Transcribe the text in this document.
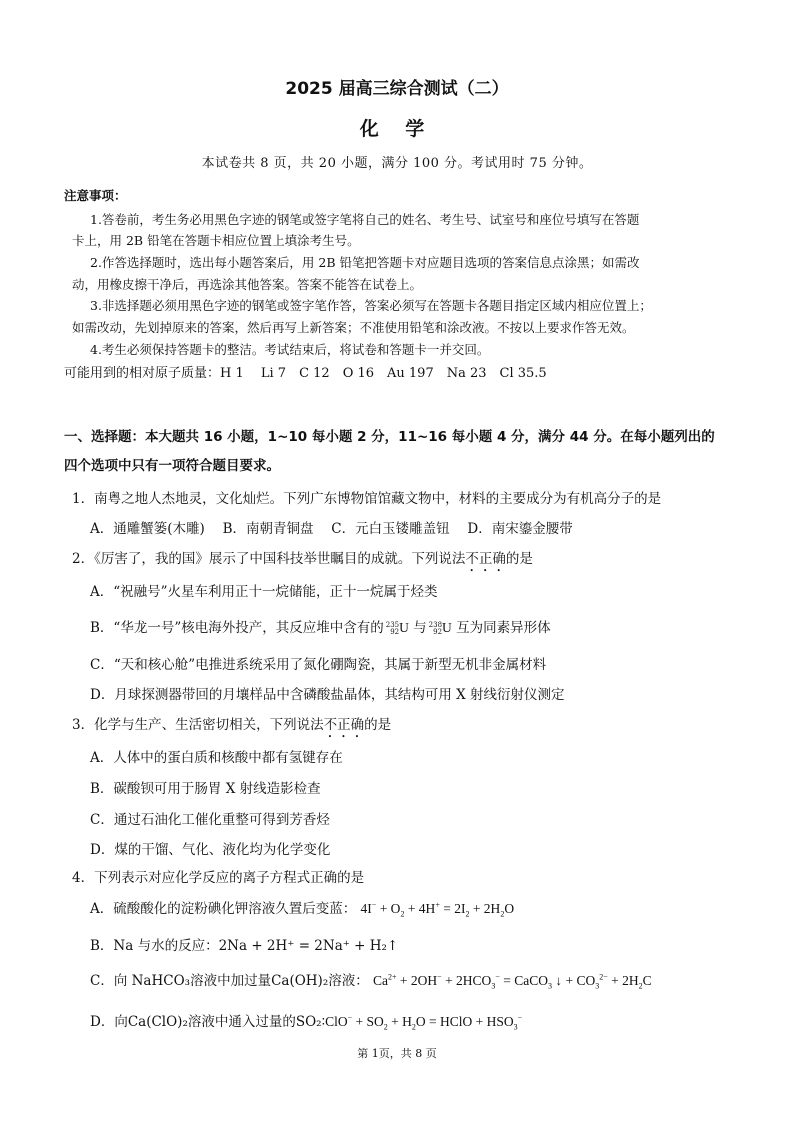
2025 届高三综合测试（二）
化 学
本试卷共 8 页，共 20 小题，满分 100 分。考试用时 75 分钟。
注意事项：
1.答卷前，考生务必用黑色字迹的钢笔或签字笔将自己的姓名、考生号、试室号和座位号填写在答题
卡上，用 2B 铅笔在答题卡相应位置上填涂考生号。
2.作答选择题时，选出每小题答案后，用 2B 铅笔把答题卡对应题目选项的答案信息点涂黑；如需改
动，用橡皮擦干净后，再选涂其他答案。答案不能答在试卷上。
3.非选择题必须用黑色字迹的钢笔或签字笔作答，答案必须写在答题卡各题目指定区域内相应位置上；
如需改动，先划掉原来的答案，然后再写上新答案；不准使用铅笔和涂改液。不按以上要求作答无效。
4.考生必须保持答题卡的整洁。考试结束后，将试卷和答题卡一并交回。
可能用到的相对原子质量：H 1　 Li 7　C 12　O 16　Au 197　Na 23　Cl 35.5
一、选择题：本大题共 16 小题，1~10 每小题 2 分，11~16 每小题 4 分，满分 44 分。在每小题列出的
四个选项中只有一项符合题目要求。
1．南粤之地人杰地灵，文化灿烂。下列广东博物馆馆藏文物中，材料的主要成分为有机高分子的是
A．通雕蟹篓(木雕)　 B．南朝青铜盘　 C．元白玉镂雕盖钮　 D．南宋鎏金腰带
2．《厉害了，我的国》展示了中国科技举世瞩目的成就。下列说法不正确的是
A．“祝融号”火星车利用正十一烷储能，正十一烷属于烃类
B．“华龙一号”核电海外投产，其反应堆中含有的 235
92 U 与 238
92 U 互为同素异形体
C．“天和核心舱”电推进系统采用了氮化硼陶瓷，其属于新型无机非金属材料
D．月球探测器带回的月壤样品中含磷酸盐晶体，其结构可用 X 射线衍射仪测定
3．化学与生产、生活密切相关，下列说法不正确的是
A．人体中的蛋白质和核酸中都有氢键存在
B．碳酸钡可用于肠胃 X 射线造影检查
C．通过石油化工催化重整可得到芳香烃
D．煤的干馏、气化、液化均为化学变化
4．下列表示对应化学反应的离子方程式正确的是
A．硫酸酸化的淀粉碘化钾溶液久置后变蓝： $4I^- + O_2 + 4H^+ = 2I_2 + 2H_2O$
B．Na 与水的反应：2Na + 2H⁺ = 2Na⁺ + H₂↑
C．向 NaHCO₃溶液中加过量Ca(OH)₂溶液： $Ca^{2+} + 2OH^- + 2HCO_3^-$ = CaCO$_3$ ↓ + $CO_3^{2-} + 2H_2C$
D．向Ca(ClO)₂溶液中通入过量的SO₂∶ClO− + $SO_2 + H_2O$ = HClO + $HSO_3^-$
第 1页，共 8 页
